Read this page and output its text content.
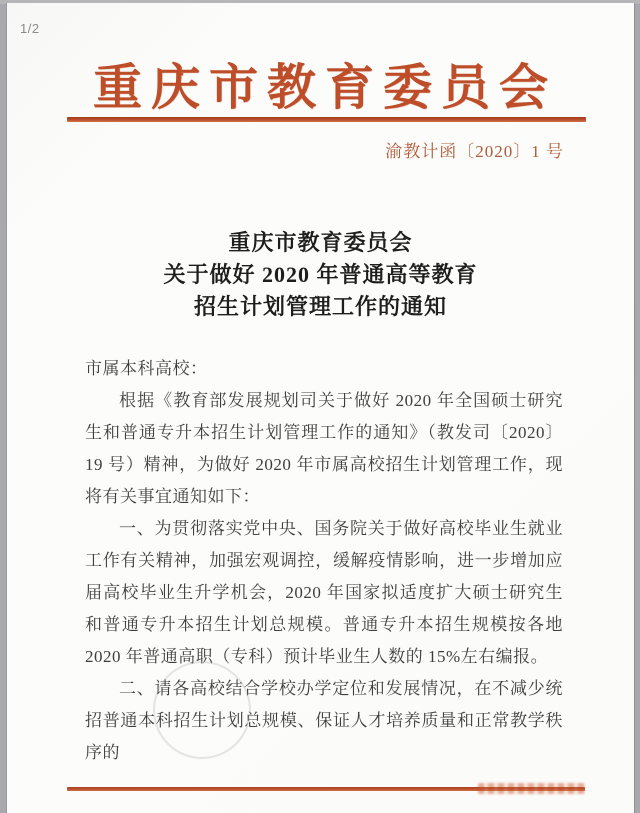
1/2
重庆市教育委员会
渝教计函〔2020〕1 号
重庆市教育委员会
关于做好 2020 年普通高等教育
招生计划管理工作的通知

市属本科高校：

根据《教育部发展规划司关于做好 2020 年全国硕士研究生和普通专升本招生计划管理工作的通知》（教发司〔2020〕19 号）精神，为做好 2020 年市属高校招生计划管理工作，现将有关事宜通知如下：

一、为贯彻落实党中央、国务院关于做好高校毕业生就业工作有关精神，加强宏观调控，缓解疫情影响，进一步增加应届高校毕业生升学机会，2020 年国家拟适度扩大硕士研究生和普通专升本招生计划总规模。普通专升本招生规模按各地 2020 年普通高职（专科）预计毕业生人数的 15%左右编报。

二、请各高校结合学校办学定位和发展情况，在不减少统招普通本科招生计划总规模、保证人才培养质量和正常教学秩序的
